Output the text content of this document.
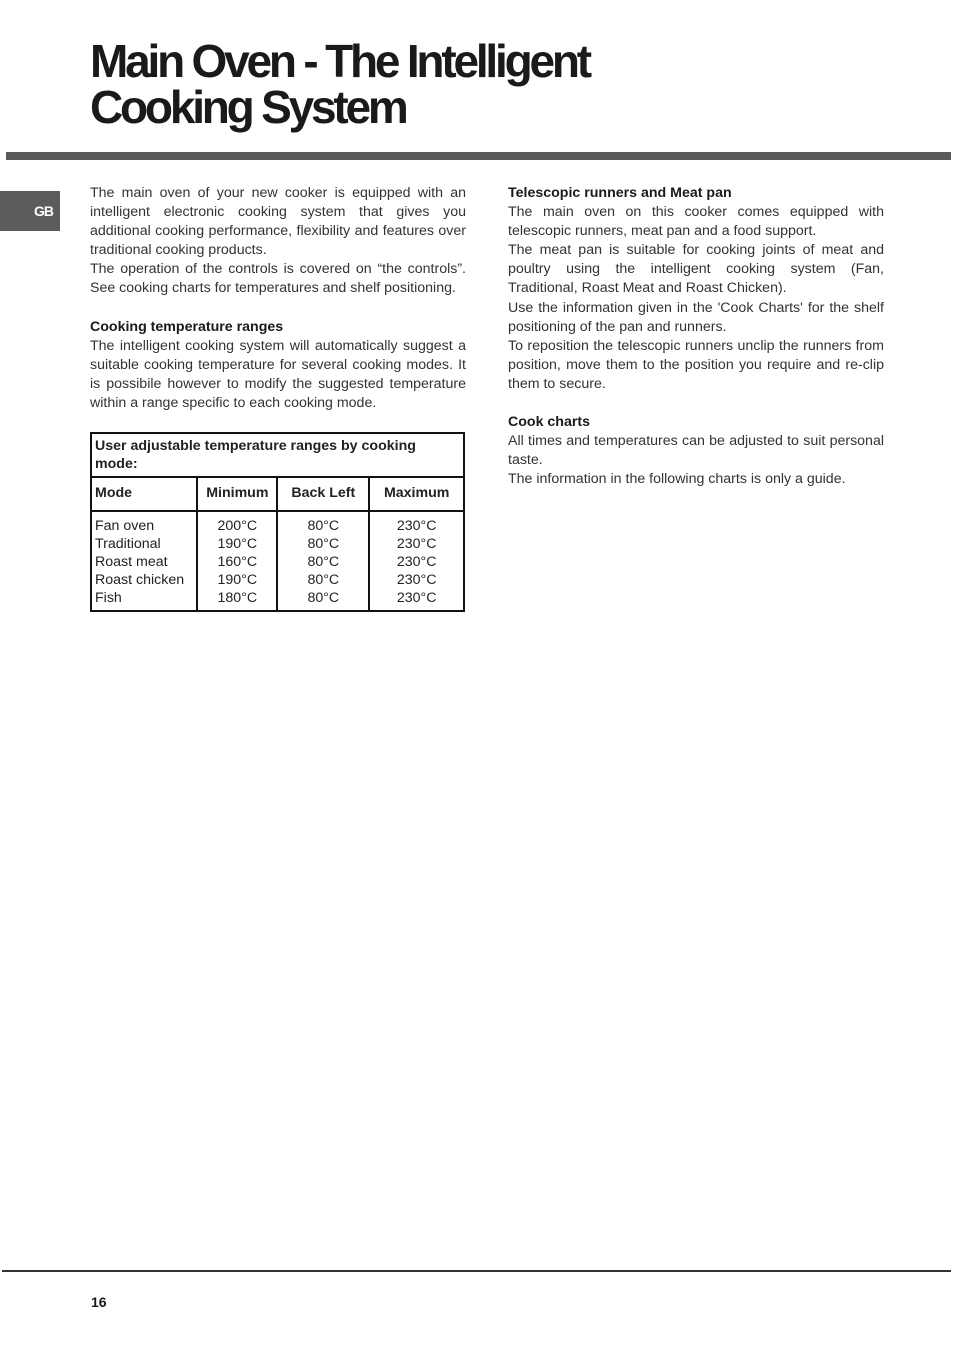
Main Oven - The Intelligent
Cooking System
GB

The main oven of your new cooker is equipped with an intelligent electronic cooking system that gives you additional cooking performance, flexibility and features over traditional cooking products.

The operation of the controls is covered on “the controls”. See cooking charts for temperatures and shelf positioning.

Cooking temperature ranges

The intelligent cooking system will automatically suggest a suitable cooking temperature for several cooking modes. It is possibile however to modify the suggested temperature within a range specific to each cooking mode.

User adjustable temperature ranges by cooking mode:			
Mode	Minimum	Back Left	Maximum
Fan oven	200°C	80°C	230°C
Traditional	190°C	80°C	230°C
Roast meat	160°C	80°C	230°C
Roast chicken	190°C	80°C	230°C
Fish	180°C	80°C	230°C
Telescopic runners and Meat pan

The main oven on this cooker comes equipped with telescopic runners, meat pan and a food support.

The meat pan is suitable for cooking joints of meat and poultry using the intelligent cooking system (Fan, Traditional, Roast Meat and Roast Chicken).

Use the information given in the 'Cook Charts' for the shelf positioning of the pan and runners.

To reposition the telescopic runners unclip the runners from position, move them to the position you require and re-clip them to secure.

Cook charts

All times and temperatures can be adjusted to suit personal taste.

The information in the following charts is only a guide.

16
